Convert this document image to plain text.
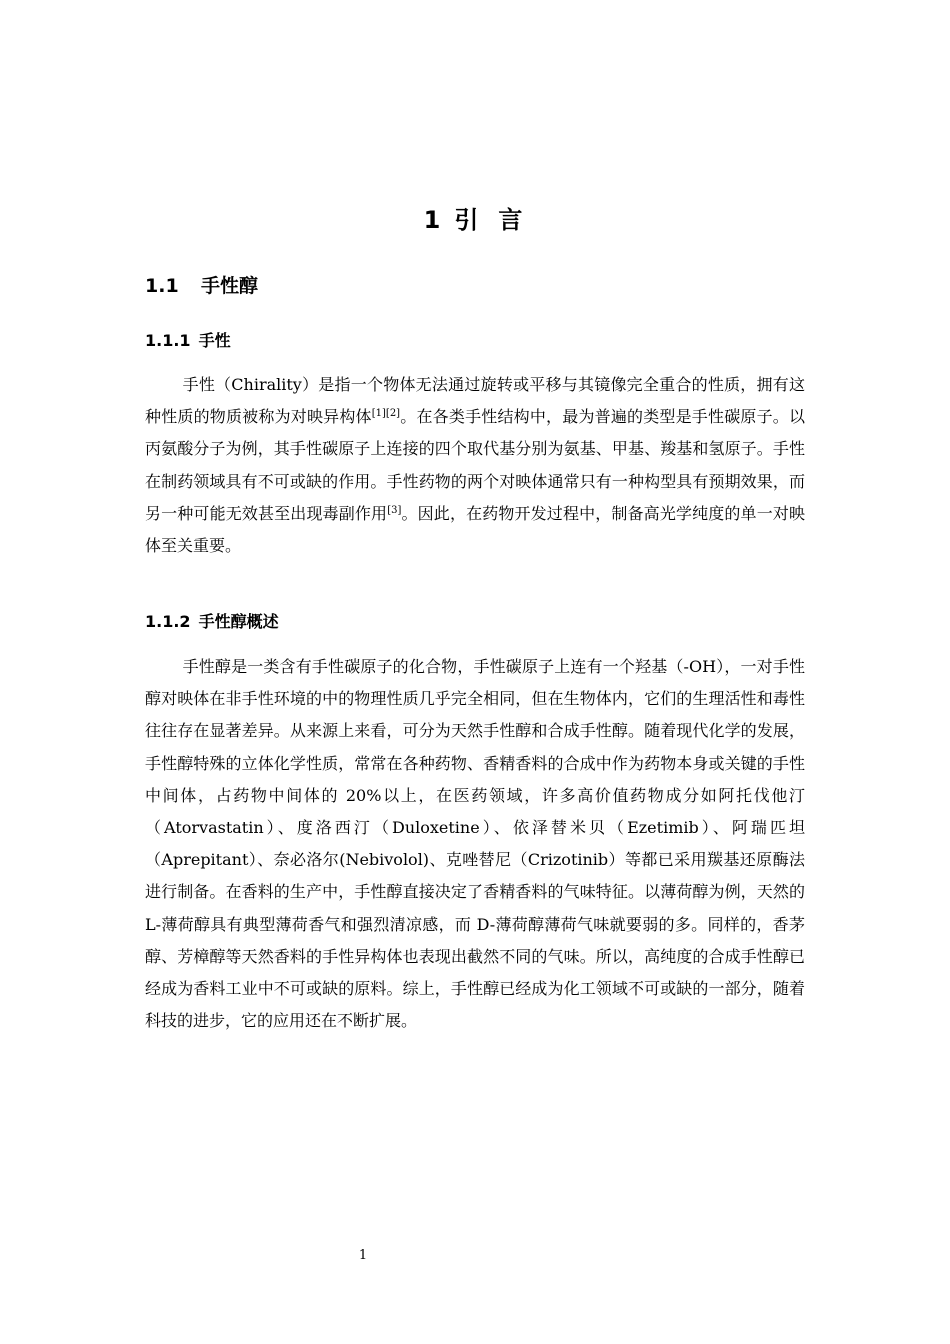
1 引 言
1.1 手性醇
1.1.1 手性

手性（Chirality）是指一个物体无法通过旋转或平移与其镜像完全重合的性质，拥有这种性质的物质被称为对映异构体[1][2]。在各类手性结构中，最为普遍的类型是手性碳原子。以丙氨酸分子为例，其手性碳原子上连接的四个取代基分别为氨基、甲基、羧基和氢原子。手性在制药领域具有不可或缺的作用。手性药物的两个对映体通常只有一种构型具有预期效果，而另一种可能无效甚至出现毒副作用[3]。因此，在药物开发过程中，制备高光学纯度的单一对映体至关重要。

1.1.2 手性醇概述

手性醇是一类含有手性碳原子的化合物，手性碳原子上连有一个羟基（-OH），一对手性醇对映体在非手性环境的中的物理性质几乎完全相同，但在生物体内，它们的生理活性和毒性往往存在显著差异。从来源上来看，可分为天然手性醇和合成手性醇。随着现代化学的发展，手性醇特殊的立体化学性质，常常在各种药物、香精香料的合成中作为药物本身或关键的手性中间体，占药物中间体的 20%以上，在医药领域，许多高价值药物成分如阿托伐他汀（Atorvastatin）、度洛西汀（Duloxetine）、依泽替米贝（Ezetimib）、阿瑞匹坦（Aprepitant）、奈必洛尔(Nebivolol)、克唑替尼（Crizotinib）等都已采用羰基还原酶法进行制备。在香料的生产中，手性醇直接决定了香精香料的气味特征。以薄荷醇为例，天然的 L-薄荷醇具有典型薄荷香气和强烈清凉感，而 D-薄荷醇薄荷气味就要弱的多。同样的，香茅醇、芳樟醇等天然香料的手性异构体也表现出截然不同的气味。所以，高纯度的合成手性醇已经成为香料工业中不可或缺的原料。综上，手性醇已经成为化工领域不可或缺的一部分，随着科技的进步，它的应用还在不断扩展。

1
